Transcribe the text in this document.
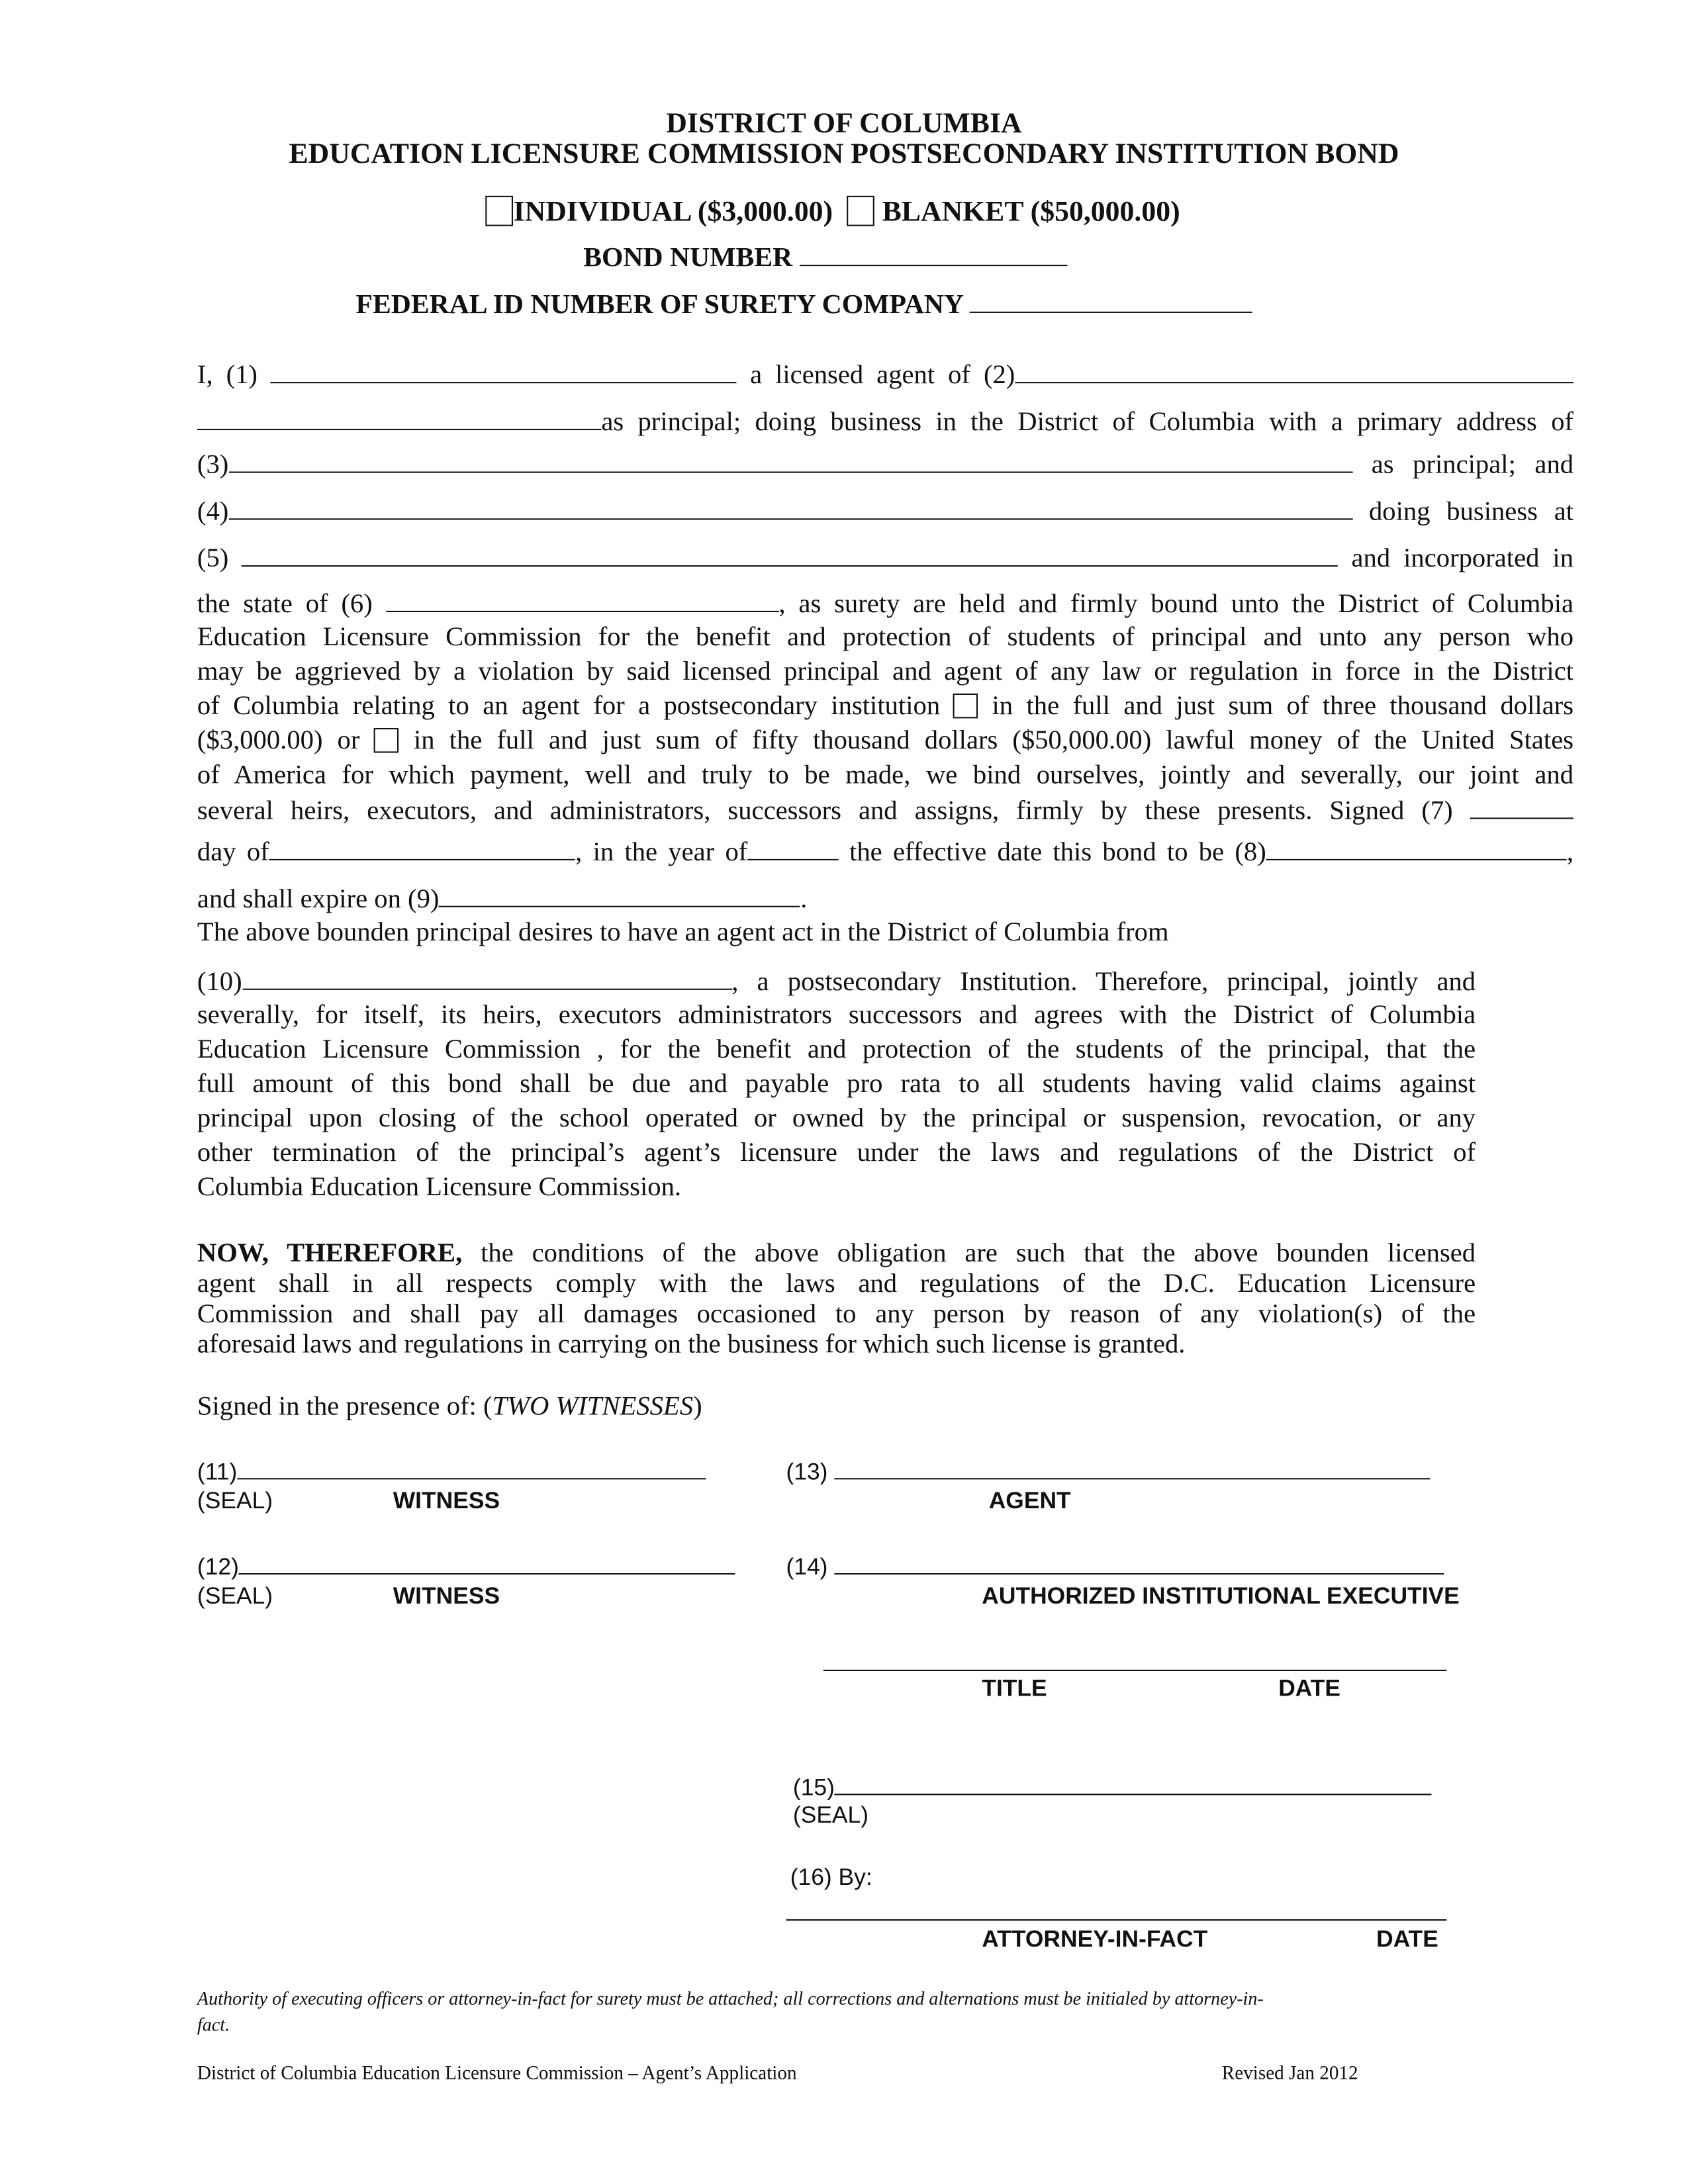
DISTRICT OF COLUMBIA
EDUCATION LICENSURE COMMISSION POSTSECONDARY INSTITUTION BOND
INDIVIDUAL ($3,000.00)	BLANKET ($50,000.00)
BOND NUMBER
FEDERAL ID NUMBER OF SURETY COMPANY
I, (1)	a licensed agent of (2)
as principal; doing business in the District of Columbia with a primary address of
(3)	as principal; and
(4)	doing business at
(5)	and incorporated in
the state of (6)	, as surety are held and firmly bound unto the District of Columbia
Education Licensure Commission for the benefit and protection of students of principal and unto any person who
may be aggrieved by a violation by said licensed principal and agent of any law or regulation in force in the District
of Columbia relating to an agent for a postsecondary institution	in the full and just sum of three thousand dollars
($3,000.00) or	in the full and just sum of fifty thousand dollars ($50,000.00) lawful money of the United States
of America for which payment, well and truly to be made, we bind ourselves, jointly and severally, our joint and
several heirs, executors, and administrators, successors and assigns, firmly by these presents. Signed (7)
day of	, in the year of	the effective date this bond to be (8)	,
and shall expire on (9)	.
The above bounden principal desires to have an agent act in the District of Columbia from
(10)	, a postsecondary Institution. Therefore, principal, jointly and
severally, for itself, its heirs, executors administrators successors and agrees with the District of Columbia
Education Licensure Commission , for the benefit and protection of the students of the principal, that the
full amount of this bond shall be due and payable pro rata to all students having valid claims against
principal upon closing of the school operated or owned by the principal or suspension, revocation, or any
other termination of the principal’s agent’s licensure under the laws and regulations of the District of
Columbia Education Licensure Commission.
NOW, THEREFORE, the conditions of the above obligation are such that the above bounden licensed
agent shall in all respects comply with the laws and regulations of the D.C. Education Licensure
Commission and shall pay all damages occasioned to any person by reason of any violation(s) of the
aforesaid laws and regulations in carrying on the business for which such license is granted.
Signed in the presence of: (TWO WITNESSES)
(11)
(SEAL)	WITNESS
(13)
AGENT
(12)
(SEAL)	WITNESS
(14)
AUTHORIZED INSTITUTIONAL EXECUTIVE
TITLE	DATE
(15)
(SEAL)
(16) By:
ATTORNEY-IN-FACT	DATE
Authority of executing officers or attorney-in-fact for surety must be attached; all corrections and alternations must be initialed by attorney-in-
fact.
District of Columbia Education Licensure Commission – Agent’s Application	Revised Jan 2012
